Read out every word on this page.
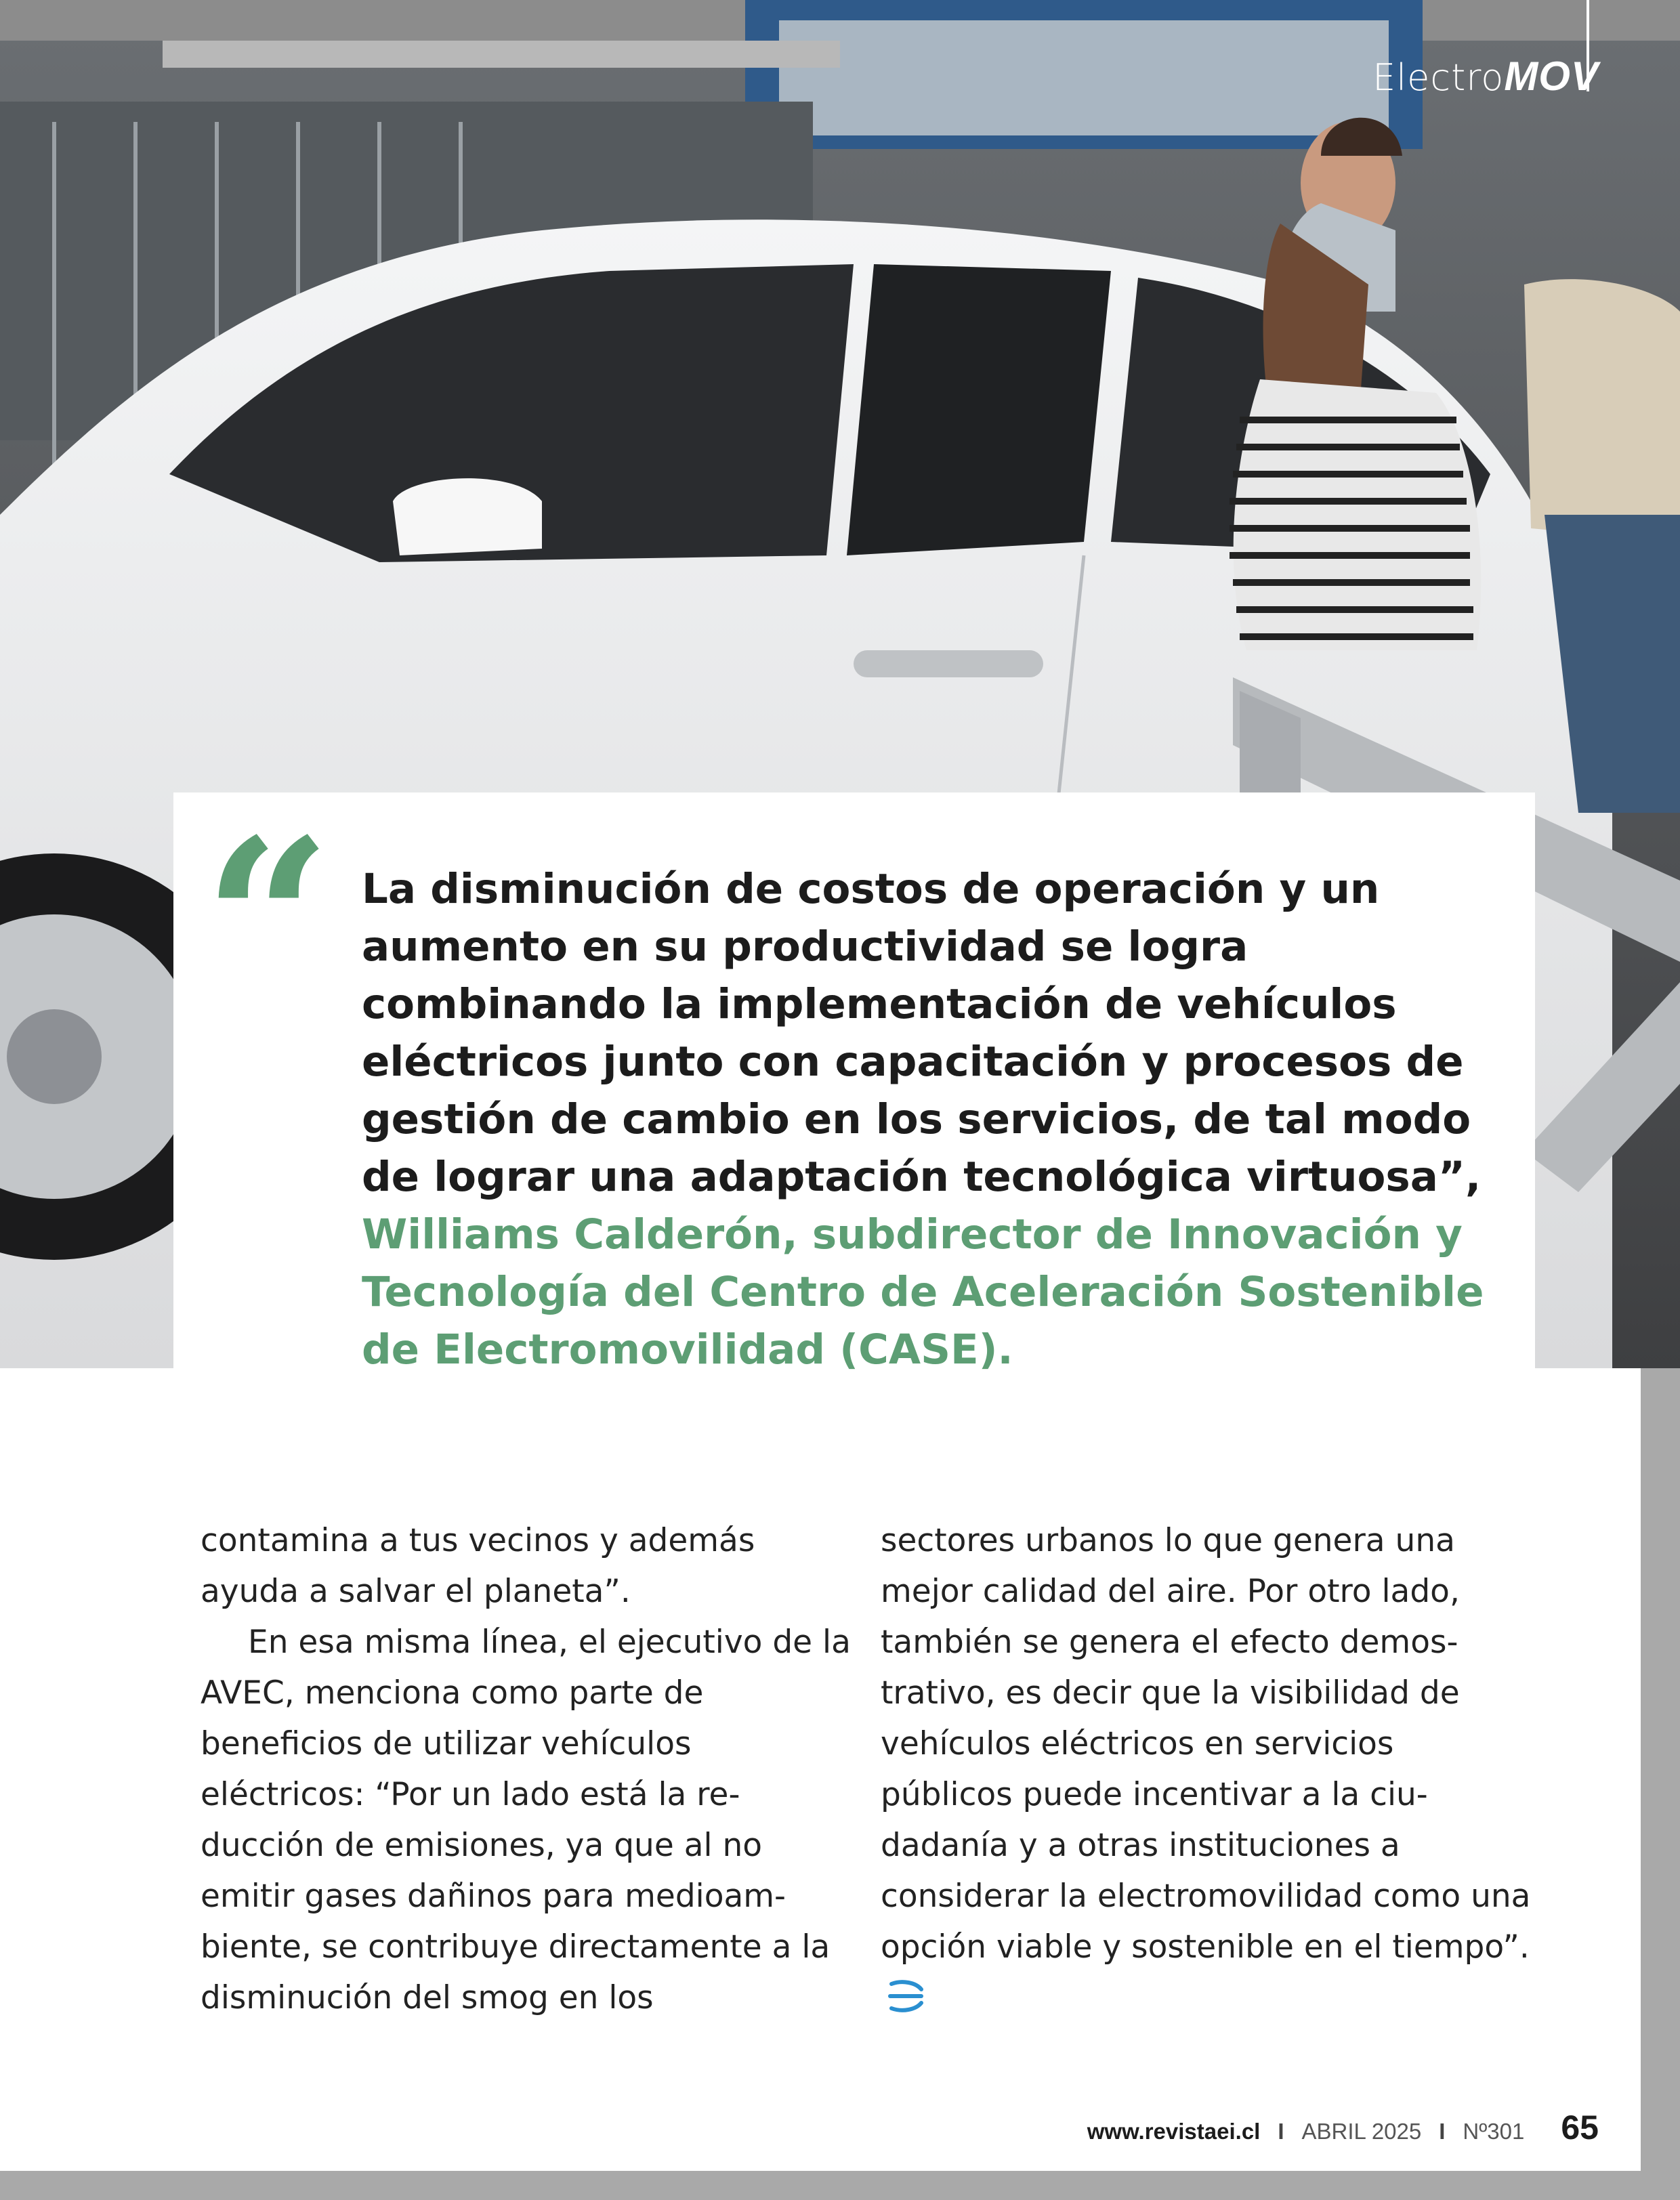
ElectroMOV
“ La disminución de costos de operación y un aumento en su productividad se logra combinando la implementación de vehículos eléctricos junto con capacitación y procesos de gestión de cambio en los servicios, de tal modo de lograr una adaptación tecnológica virtuosa”, Williams Calderón, subdirector de Innovación y Tecnología del Centro de Aceleración Sostenible de Electromovilidad (CASE).

contamina a tus vecinos y además ayuda a salvar el planeta”.

En esa misma línea, el ejecutivo de la AVEC, menciona como parte de beneficios de utilizar vehículos eléctricos: “Por un lado está la re-ducción de emisiones, ya que al no emitir gases dañinos para medioam-biente, se contribuye directamente a la disminución del smog en los

sectores urbanos lo que genera una mejor calidad del aire. Por otro lado, también se genera el efecto demos-trativo, es decir que la visibilidad de vehículos eléctricos en servicios públicos puede incentivar a la ciu-dadanía y a otras instituciones a considerar la electromovilidad como una opción viable y sostenible en el tiempo”.

www.revistaei.cl I ABRIL 2025 I Nº301 65
